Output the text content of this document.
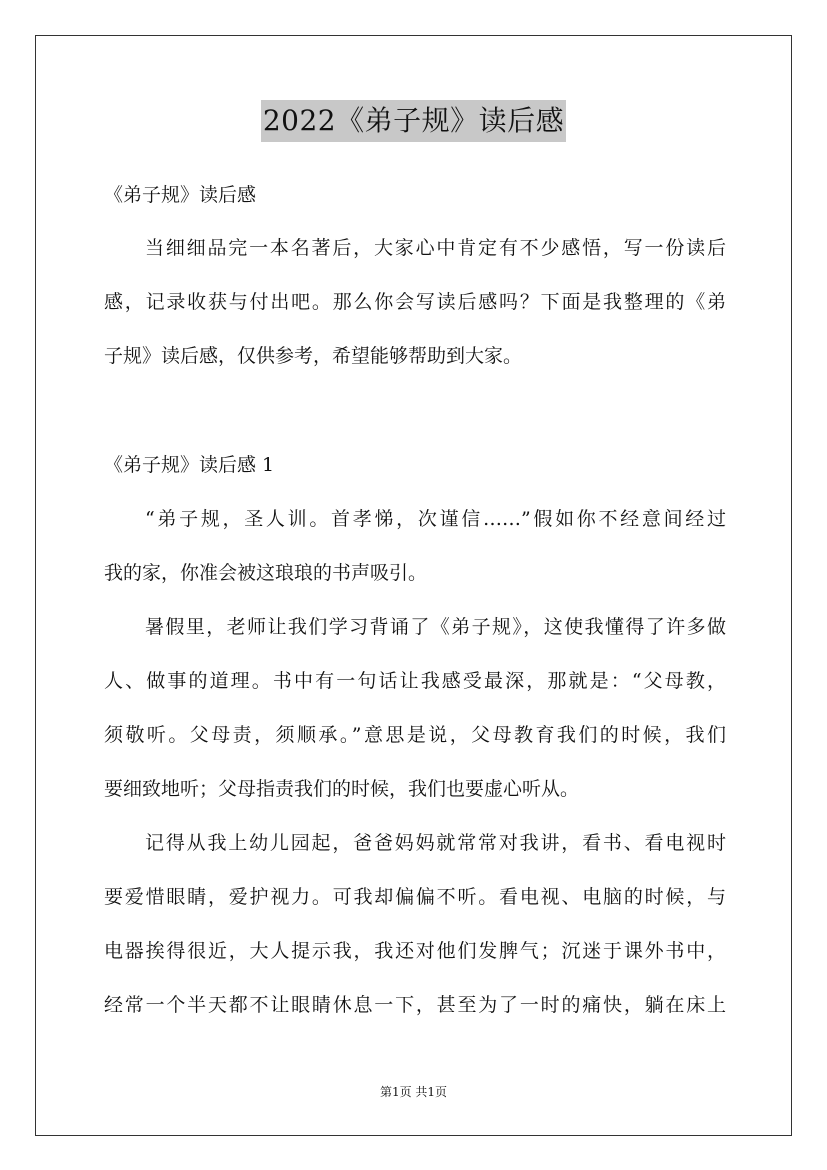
2022《弟子规》读后感
《弟子规》读后感
当细细品完一本名著后，大家心中肯定有不少感悟，写一份读后
感，记录收获与付出吧。那么你会写读后感吗？下面是我整理的《弟
子规》读后感，仅供参考，希望能够帮助到大家。
《弟子规》读后感 1
“弟子规，圣人训。首孝悌，次谨信……”假如你不经意间经过
我的家，你准会被这琅琅的书声吸引。
暑假里，老师让我们学习背诵了《弟子规》，这使我懂得了许多做
人、做事的道理。书中有一句话让我感受最深，那就是：“父母教，
须敬听。父母责，须顺承。”意思是说，父母教育我们的时候，我们
要细致地听；父母指责我们的时候，我们也要虚心听从。
记得从我上幼儿园起，爸爸妈妈就常常对我讲，看书、看电视时
要爱惜眼睛，爱护视力。可我却偏偏不听。看电视、电脑的时候，与
电器挨得很近，大人提示我，我还对他们发脾气；沉迷于课外书中，
经常一个半天都不让眼睛休息一下，甚至为了一时的痛快，躺在床上
第1页 共1页
